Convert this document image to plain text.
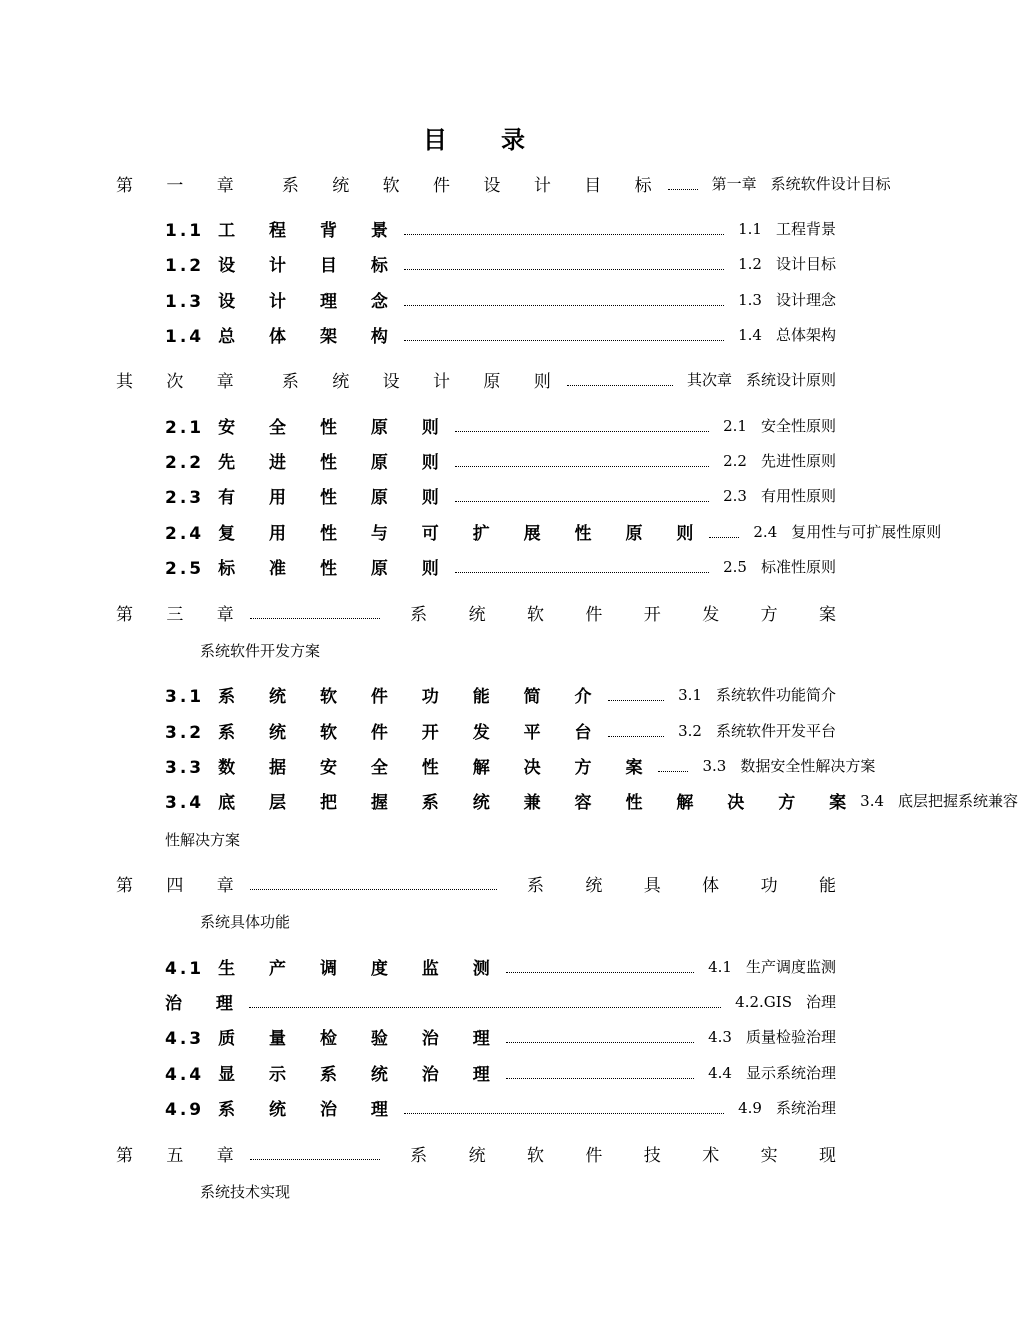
目 录
第 一 章 系 统 软 件 设 计 目 标	第一章 系统软件设计目标
1.1 工 程 背 景	1.1 工程背景
1.2 设 计 目 标	1.2 设计目标
1.3 设 计 理 念	1.3 设计理念
1.4 总 体 架 构	1.4 总体架构
其 次 章 系 统 设 计 原 则	其次章 系统设计原则
2.1 安 全 性 原 则	2.1 安全性原则
2.2 先 进 性 原 则	2.2 先进性原则
2.3 有 用 性 原 则	2.3 有用性原则
2.4 复 用 性 与 可 扩 展 性 原 则	2.4 复用性与可扩展性原则
2.5 标 准 性 原 则	2.5 标准性原则
第 三 章	系 统 软 件 开 发 方 案
系统软件开发方案
3.1 系 统 软 件 功 能 简 介	3.1 系统软件功能简介
3.2 系 统 软 件 开 发 平 台	3.2 系统软件开发平台
3.3 数 据 安 全 性 解 决 方 案	3.3 数据安全性解决方案
3.4 底 层 把 握 系 统 兼 容 性 解 决 方 案 3.4 底层把握系统兼容
性解决方案
第 四 章	系 统 具 体 功 能
系统具体功能
4.1 生 产 调 度 监 测	4.1 生产调度监测
治 理	4.2.GIS 治理
4.3 质 量 检 验 治 理	4.3 质量检验治理
4.4 显 示 系 统 治 理	4.4 显示系统治理
4.9 系 统 治 理	4.9 系统治理
第 五 章	系 统 软 件 技 术 实 现
系统技术实现
